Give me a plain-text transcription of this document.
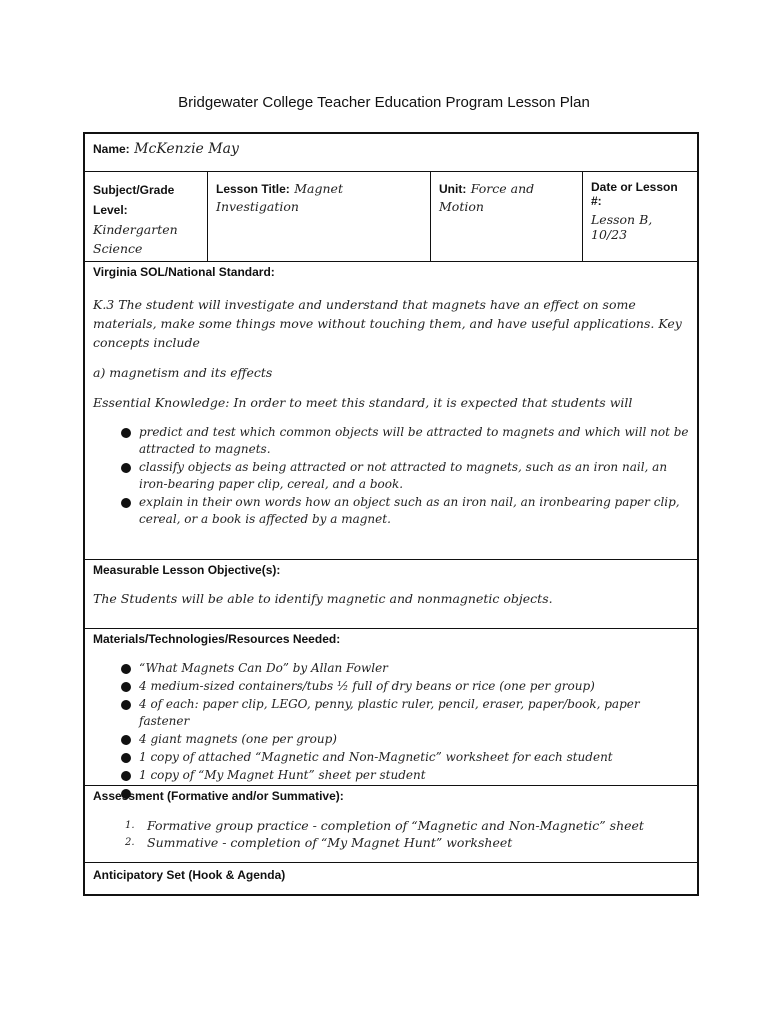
Bridgewater College Teacher Education Program Lesson Plan
Name: McKenzie May
Subject/Grade Level: Kindergarten Science
Lesson Title: Magnet Investigation
Unit: Force and Motion
Date or Lesson #:
Lesson B, 10/23
Virginia SOL/National Standard:

K.3 The student will investigate and understand that magnets have an effect on some materials, make some things move without touching them, and have useful applications. Key concepts include

a) magnetism and its effects

Essential Knowledge: In order to meet this standard, it is expected that students will

predict and test which common objects will be attracted to magnets and which will not be attracted to magnets.
classify objects as being attracted or not attracted to magnets, such as an iron nail, an iron-bearing paper clip, cereal, and a book.
explain in their own words how an object such as an iron nail, an ironbearing paper clip, cereal, or a book is affected by a magnet.
Measurable Lesson Objective(s):

The Students will be able to identify magnetic and nonmagnetic objects.

Materials/Technologies/Resources Needed:
“What Magnets Can Do” by Allan Fowler
4 medium-sized containers/tubs ½ full of dry beans or rice (one per group)
4 of each: paper clip, LEGO, penny, plastic ruler, pencil, eraser, paper/book, paper fastener
4 giant magnets (one per group)
1 copy of attached “Magnetic and Non-Magnetic” worksheet for each student
1 copy of “My Magnet Hunt” sheet per student
Assessment (Formative and/or Summative):
1. Formative group practice - completion of “Magnetic and Non-Magnetic” sheet
2. Summative - completion of “My Magnet Hunt” worksheet
Anticipatory Set (Hook & Agenda)
